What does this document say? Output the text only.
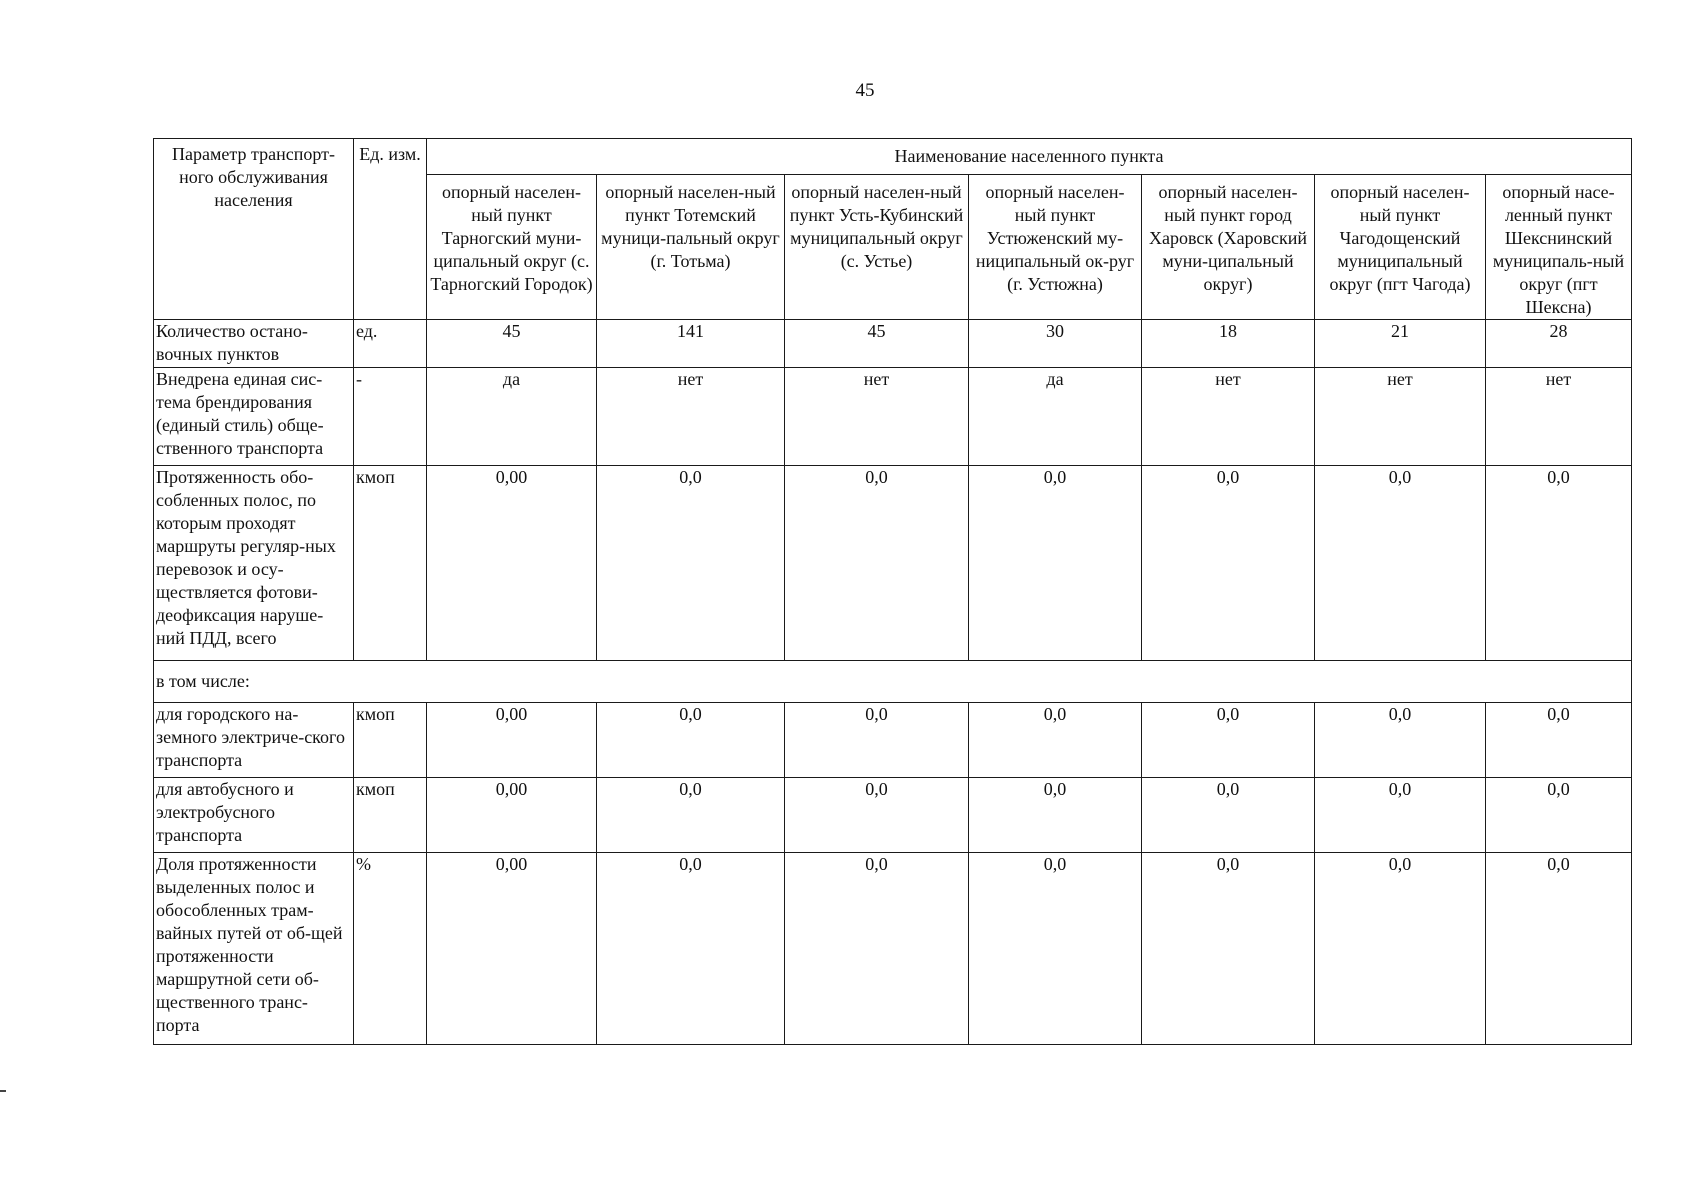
45
Параметр транспорт-ного обслуживания населения	Ед. изм.	Наименование населенного пункта						
		опорный населен-ный пункт Тарногский муни-ципальный округ (с. Тарногский Городок)	опорный населен-ный пункт Тотемский муници-пальный округ (г. Тотьма)	опорный населен-ный пункт Усть-Кубинский муниципальный округ (с. Устье)	опорный населен-ный пункт Устюженский му-ниципальный ок-руг (г. Устюжна)	опорный населен-ный пункт город Харовск (Харовский муни-ципальный округ)	опорный населен-ный пункт Чагодощенский муниципальный округ (пгт Чагода)	опорный насе-ленный пункт Шекснинский муниципаль-ный округ (пгт Шексна)
Количество остано-вочных пунктов	ед.	45	141	45	30	18	21	28
Внедрена единая сис-тема брендирования (единый стиль) обще-ственного транспорта	-	да	нет	нет	да	нет	нет	нет
Протяженность обо-собленных полос, по которым проходят маршруты регуляр-ных перевозок и осу-ществляется фотови-деофиксация наруше-ний ПДД, всего	кмоп	0,00	0,0	0,0	0,0	0,0	0,0	0,0
в том числе:								
для городского на-земного электриче-ского транспорта	кмоп	0,00	0,0	0,0	0,0	0,0	0,0	0,0
для автобусного и электробусного транспорта	кмоп	0,00	0,0	0,0	0,0	0,0	0,0	0,0
Доля протяженности выделенных полос и обособленных трам-вайных путей от об-щей протяженности маршрутной сети об-щественного транс-порта	%	0,00	0,0	0,0	0,0	0,0	0,0	0,0
